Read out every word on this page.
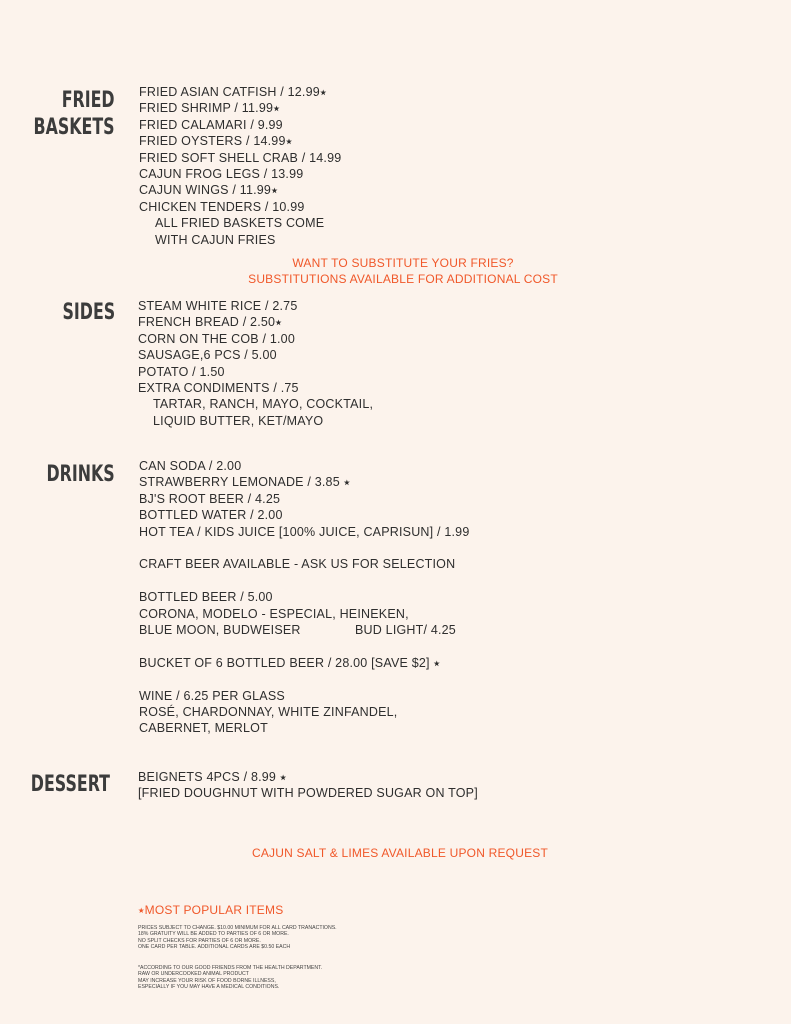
FRIED
BASKETS
FRIED ASIAN CATFISH / 12.99⭑
FRIED SHRIMP / 11.99⭑
FRIED CALAMARI / 9.99
FRIED OYSTERS / 14.99⭑
FRIED SOFT SHELL CRAB / 14.99
CAJUN FROG LEGS / 13.99
CAJUN WINGS / 11.99⭑
CHICKEN TENDERS / 10.99
ALL FRIED BASKETS COME
WITH CAJUN FRIES
WANT TO SUBSTITUTE YOUR FRIES?
SUBSTITUTIONS AVAILABLE FOR ADDITIONAL COST
SIDES STEAM WHITE RICE / 2.75
FRENCH BREAD / 2.50⭑
CORN ON THE COB / 1.00
SAUSAGE,6 PCS / 5.00
POTATO / 1.50
EXTRA CONDIMENTS / .75
TARTAR, RANCH, MAYO, COCKTAIL,
LIQUID BUTTER, KET/MAYO
DRINKS CAN SODA / 2.00
STRAWBERRY LEMONADE / 3.85 ⭑
BJ'S ROOT BEER / 4.25
BOTTLED WATER / 2.00
HOT TEA / KIDS JUICE [100% JUICE, CAPRISUN] / 1.99
CRAFT BEER AVAILABLE - ASK US FOR SELECTION
BOTTLED BEER / 5.00
CORONA, MODELO - ESPECIAL, HEINEKEN,
BLUE MOON, BUDWEISER	BUD LIGHT/ 4.25
BUCKET OF 6 BOTTLED BEER / 28.00 [SAVE $2] ⭑
WINE / 6.25 PER GLASS
ROSÉ, CHARDONNAY, WHITE ZINFANDEL,
CABERNET, MERLOT
DESSERT BEIGNETS 4PCS / 8.99 ⭑
[FRIED DOUGHNUT WITH POWDERED SUGAR ON TOP]
CAJUN SALT & LIMES AVAILABLE UPON REQUEST
⭑MOST POPULAR ITEMS
PRICES SUBJECT TO CHANGE. $10.00 MINIMUM FOR ALL CARD TRANACTIONS.
18% GRATUITY WILL BE ADDED TO PARTIES OF 6 OR MORE.
NO SPLIT CHECKS FOR PARTIES OF 6 OR MORE.
ONE CARD PER TABLE. ADDITIONAL CARDS ARE $0.50 EACH
*ACCORDING TO OUR GOOD FRIENDS FROM THE HEALTH DEPARTMENT.
RAW OR UNDERCOOKED ANIMAL PRODUCT
MAY INCREASE YOUR RISK OF FOOD BORNE ILLNESS,
ESPECIALLY IF YOU MAY HAVE A MEDICAL CONDITIONS.
